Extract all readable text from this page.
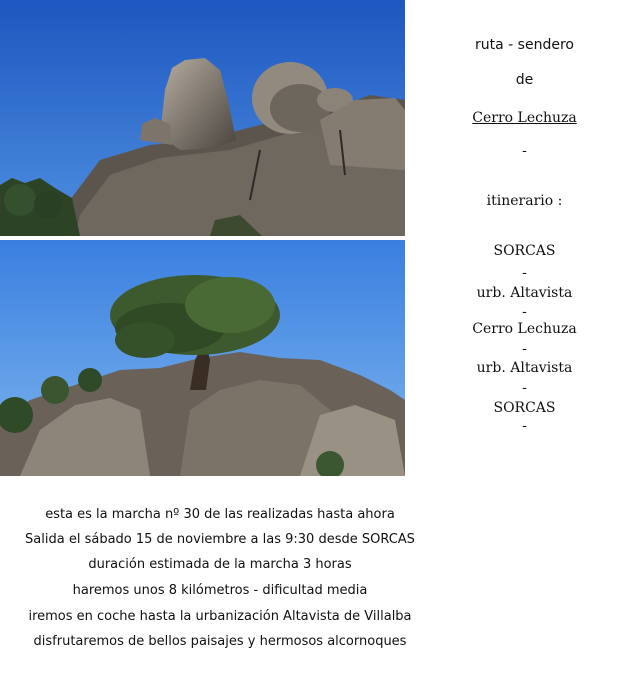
ruta - sendero
de
Cerro Lechuza
-
itinerario :
SORCAS
-
urb. Altavista
-
Cerro Lechuza
-
urb. Altavista
-
SORCAS
-
esta es la marcha nº 30 de las realizadas hasta ahora
Salida el sábado 15 de noviembre a las 9:30 desde SORCAS
duración estimada de la marcha 3 horas
haremos unos 8 kilómetros - dificultad media
iremos en coche hasta la urbanización Altavista de Villalba
disfrutaremos de bellos paisajes y hermosos alcornoques
